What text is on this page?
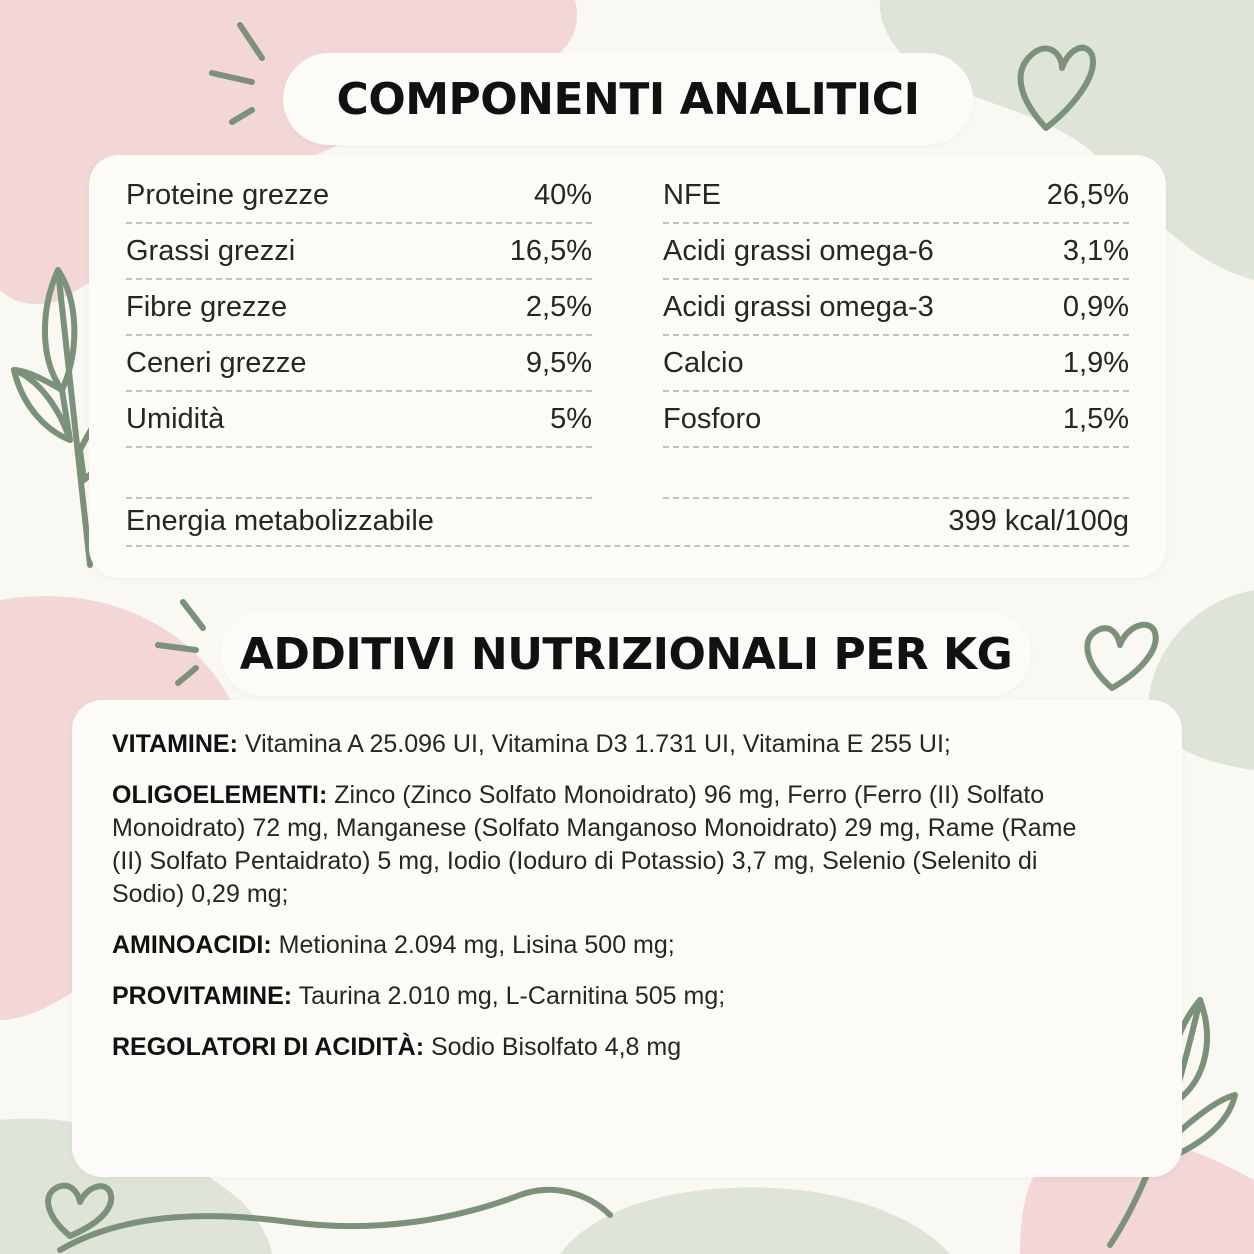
COMPONENTI ANALITICI
Proteine grezze	40%
Grassi grezzi	16,5%
Fibre grezze	2,5%
Ceneri grezze	9,5%
Umidità	5%
NFE	26,5%
Acidi grassi omega-6	3,1%
Acidi grassi omega-3	0,9%
Calcio	1,9%
Fosforo	1,5%
Energia metabolizzabile	399 kcal/100g
ADDITIVI NUTRIZIONALI PER KG

VITAMINE: Vitamina A 25.096 UI, Vitamina D3 1.731 UI, Vitamina E 255 UI;

OLIGOELEMENTI: Zinco (Zinco Solfato Monoidrato) 96 mg, Ferro (Ferro (II) Solfato Monoidrato) 72 mg, Manganese (Solfato Manganoso Monoidrato) 29 mg, Rame (Rame (II) Solfato Pentaidrato) 5 mg, Iodio (Ioduro di Potassio) 3,7 mg, Selenio (Selenito di Sodio) 0,29 mg;

AMINOACIDI: Metionina 2.094 mg, Lisina 500 mg;

PROVITAMINE: Taurina 2.010 mg, L-Carnitina 505 mg;

REGOLATORI DI ACIDITÀ: Sodio Bisolfato 4,8 mg
